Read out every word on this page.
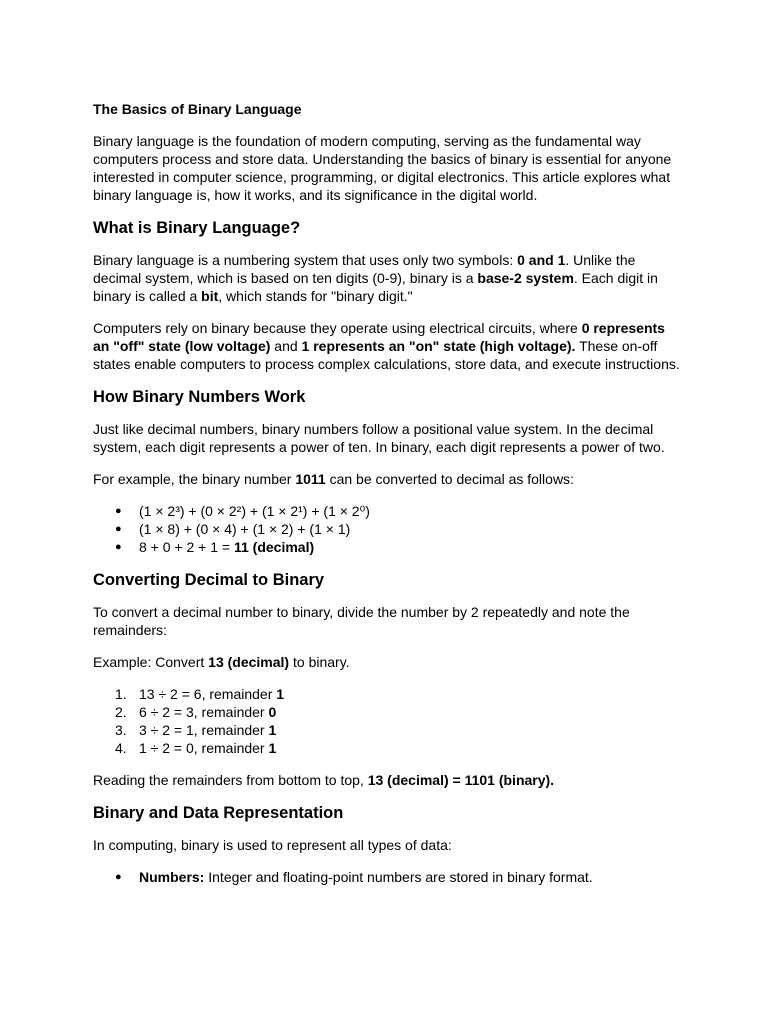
The Basics of Binary Language

Binary language is the foundation of modern computing, serving as the fundamental way computers process and store data. Understanding the basics of binary is essential for anyone interested in computer science, programming, or digital electronics. This article explores what binary language is, how it works, and its significance in the digital world.

What is Binary Language?

Binary language is a numbering system that uses only two symbols: 0 and 1. Unlike the decimal system, which is based on ten digits (0-9), binary is a base-2 system. Each digit in binary is called a bit, which stands for "binary digit."

Computers rely on binary because they operate using electrical circuits, where 0 represents an "off" state (low voltage) and 1 represents an "on" state (high voltage). These on-off states enable computers to process complex calculations, store data, and execute instructions.

How Binary Numbers Work

Just like decimal numbers, binary numbers follow a positional value system. In the decimal system, each digit represents a power of ten. In binary, each digit represents a power of two.

For example, the binary number 1011 can be converted to decimal as follows:

●	(1 × 2³) + (0 × 2²) + (1 × 2¹) + (1 × 2⁰)
●	(1 × 8) + (0 × 4) + (1 × 2) + (1 × 1)
●	8 + 0 + 2 + 1 = 11 (decimal)
Converting Decimal to Binary

To convert a decimal number to binary, divide the number by 2 repeatedly and note the remainders:

Example: Convert 13 (decimal) to binary.

1. 13 ÷ 2 = 6, remainder 1
2. 6 ÷ 2 = 3, remainder 0
3. 3 ÷ 2 = 1, remainder 1
4. 1 ÷ 2 = 0, remainder 1

Reading the remainders from bottom to top, 13 (decimal) = 1101 (binary).

Binary and Data Representation

In computing, binary is used to represent all types of data:

●	Numbers: Integer and floating-point numbers are stored in binary format.
